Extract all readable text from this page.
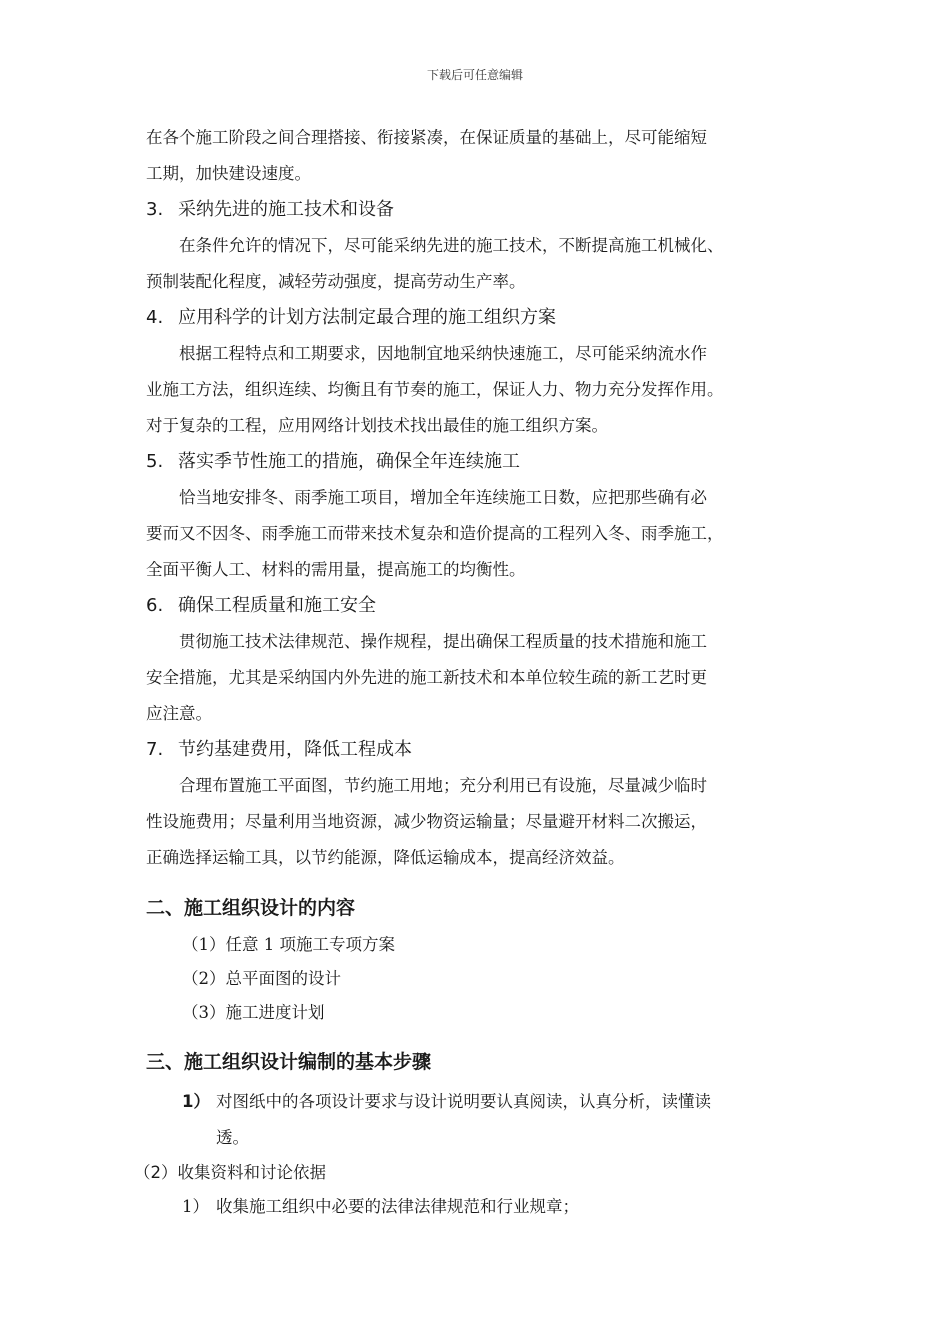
下载后可任意编辑

在各个施工阶段之间合理搭接、衔接紧凑，在保证质量的基础上，尽可能缩短

工期，加快建设速度。

3. 采纳先进的施工技术和设备

在条件允许的情况下，尽可能采纳先进的施工技术，不断提高施工机械化、

预制装配化程度，减轻劳动强度，提高劳动生产率。

4. 应用科学的计划方法制定最合理的施工组织方案

根据工程特点和工期要求，因地制宜地采纳快速施工，尽可能采纳流水作

业施工方法，组织连续、均衡且有节奏的施工，保证人力、物力充分发挥作用。

对于复杂的工程，应用网络计划技术找出最佳的施工组织方案。

5. 落实季节性施工的措施，确保全年连续施工

恰当地安排冬、雨季施工项目，增加全年连续施工日数，应把那些确有必

要而又不因冬、雨季施工而带来技术复杂和造价提高的工程列入冬、雨季施工，

全面平衡人工、材料的需用量，提高施工的均衡性。

6. 确保工程质量和施工安全

贯彻施工技术法律规范、操作规程，提出确保工程质量的技术措施和施工

安全措施，尤其是采纳国内外先进的施工新技术和本单位较生疏的新工艺时更

应注意。

7. 节约基建费用，降低工程成本

合理布置施工平面图，节约施工用地；充分利用已有设施，尽量减少临时

性设施费用；尽量利用当地资源，减少物资运输量；尽量避开材料二次搬运，

正确选择运输工具，以节约能源，降低运输成本，提高经济效益。

二、施工组织设计的内容

（1）任意 1 项施工专项方案

（2）总平面图的设计

（3）施工进度计划

三、施工组织设计编制的基本步骤

1） 对图纸中的各项设计要求与设计说明要认真阅读，认真分析，读懂读
透。

（2）收集资料和讨论依据

1） 收集施工组织中必要的法律法律规范和行业规章；
